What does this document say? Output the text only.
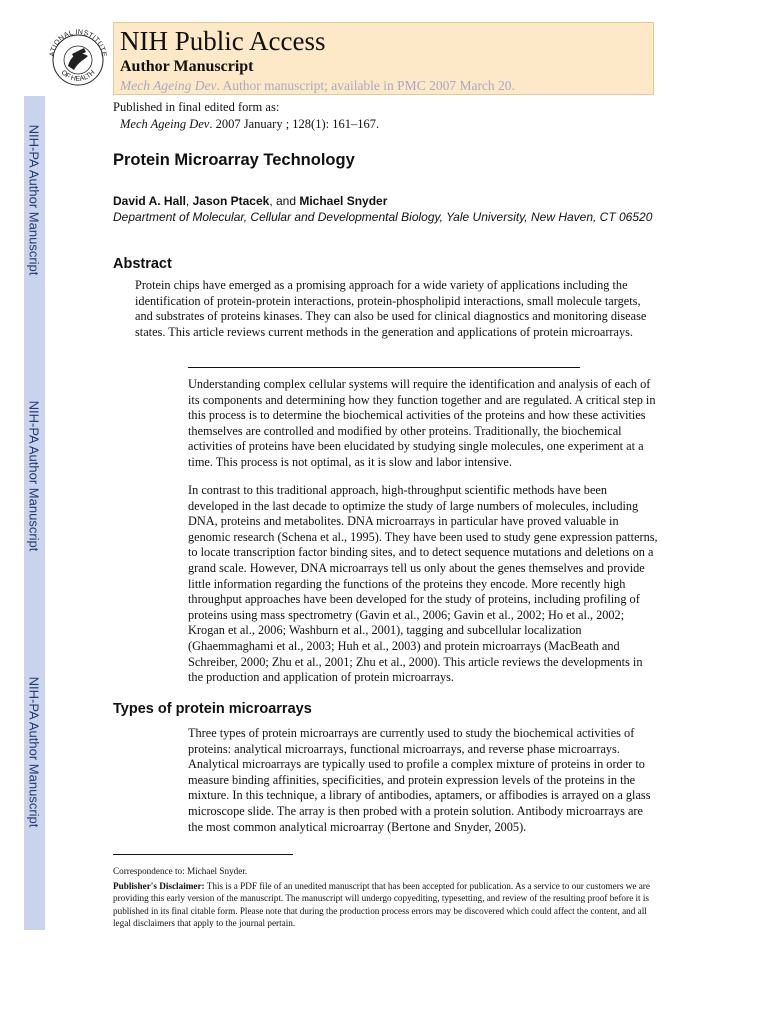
NIH-PA Author Manuscript
NIH-PA Author Manuscript
NIH-PA Author Manuscript
ATIONAL INSTITUTE
OF HEALTH
NIH Public Access
Author Manuscript
Mech Ageing Dev. Author manuscript; available in PMC 2007 March 20.
Published in final edited form as:
Mech Ageing Dev. 2007 January ; 128(1): 161–167.
Protein Microarray Technology
David A. Hall, Jason Ptacek, and Michael Snyder
Department of Molecular, Cellular and Developmental Biology, Yale University, New Haven, CT 06520
Abstract
Protein chips have emerged as a promising approach for a wide variety of applications including the identification of protein-protein interactions, protein-phospholipid interactions, small molecule targets, and substrates of proteins kinases. They can also be used for clinical diagnostics and monitoring disease states. This article reviews current methods in the generation and applications of protein microarrays.
Understanding complex cellular systems will require the identification and analysis of each of its components and determining how they function together and are regulated. A critical step in this process is to determine the biochemical activities of the proteins and how these activities themselves are controlled and modified by other proteins. Traditionally, the biochemical activities of proteins have been elucidated by studying single molecules, one experiment at a time. This process is not optimal, as it is slow and labor intensive.
In contrast to this traditional approach, high-throughput scientific methods have been developed in the last decade to optimize the study of large numbers of molecules, including DNA, proteins and metabolites. DNA microarrays in particular have proved valuable in genomic research (Schena et al., 1995). They have been used to study gene expression patterns, to locate transcription factor binding sites, and to detect sequence mutations and deletions on a grand scale. However, DNA microarrays tell us only about the genes themselves and provide little information regarding the functions of the proteins they encode. More recently high throughput approaches have been developed for the study of proteins, including profiling of proteins using mass spectrometry (Gavin et al., 2006; Gavin et al., 2002; Ho et al., 2002; Krogan et al., 2006; Washburn et al., 2001), tagging and subcellular localization (Ghaemmaghami et al., 2003; Huh et al., 2003) and protein microarrays (MacBeath and Schreiber, 2000; Zhu et al., 2001; Zhu et al., 2000). This article reviews the developments in the production and application of protein microarrays.
Types of protein microarrays
Three types of protein microarrays are currently used to study the biochemical activities of proteins: analytical microarrays, functional microarrays, and reverse phase microarrays. Analytical microarrays are typically used to profile a complex mixture of proteins in order to measure binding affinities, specificities, and protein expression levels of the proteins in the mixture. In this technique, a library of antibodies, aptamers, or affibodies is arrayed on a glass microscope slide. The array is then probed with a protein solution. Antibody microarrays are the most common analytical microarray (Bertone and Snyder, 2005).
Correspondence to: Michael Snyder.
Publisher's Disclaimer: This is a PDF file of an unedited manuscript that has been accepted for publication. As a service to our customers we are providing this early version of the manuscript. The manuscript will undergo copyediting, typesetting, and review of the resulting proof before it is published in its final citable form. Please note that during the production process errors may be discovered which could affect the content, and all legal disclaimers that apply to the journal pertain.
